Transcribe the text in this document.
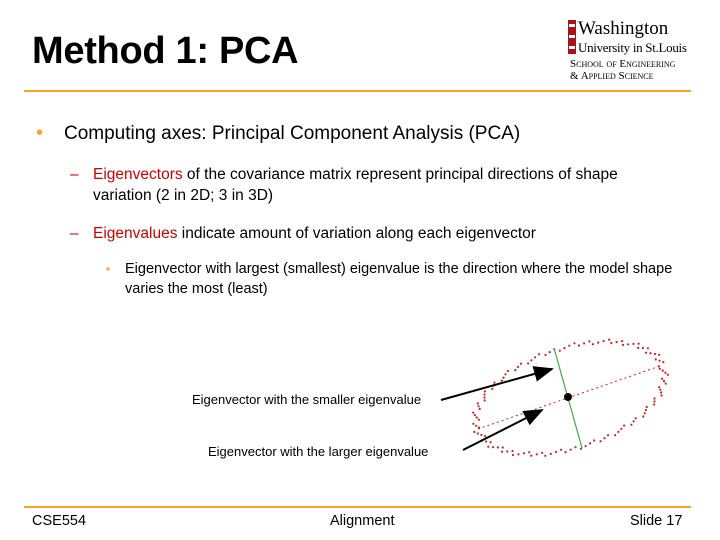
Method 1: PCA
Washington
University in St.Louis
School of Engineering
& Applied Science
• Computing axes: Principal Component Analysis (PCA)
– Eigenvectors of the covariance matrix represent principal directions of shape variation (2 in 2D; 3 in 3D)
– Eigenvalues indicate amount of variation along each eigenvector
• Eigenvector with largest (smallest) eigenvalue is the direction where the model shape varies the most (least)
Eigenvector with the smaller eigenvalue
Eigenvector with the larger eigenvalue
CSE554	Alignment	Slide 17
